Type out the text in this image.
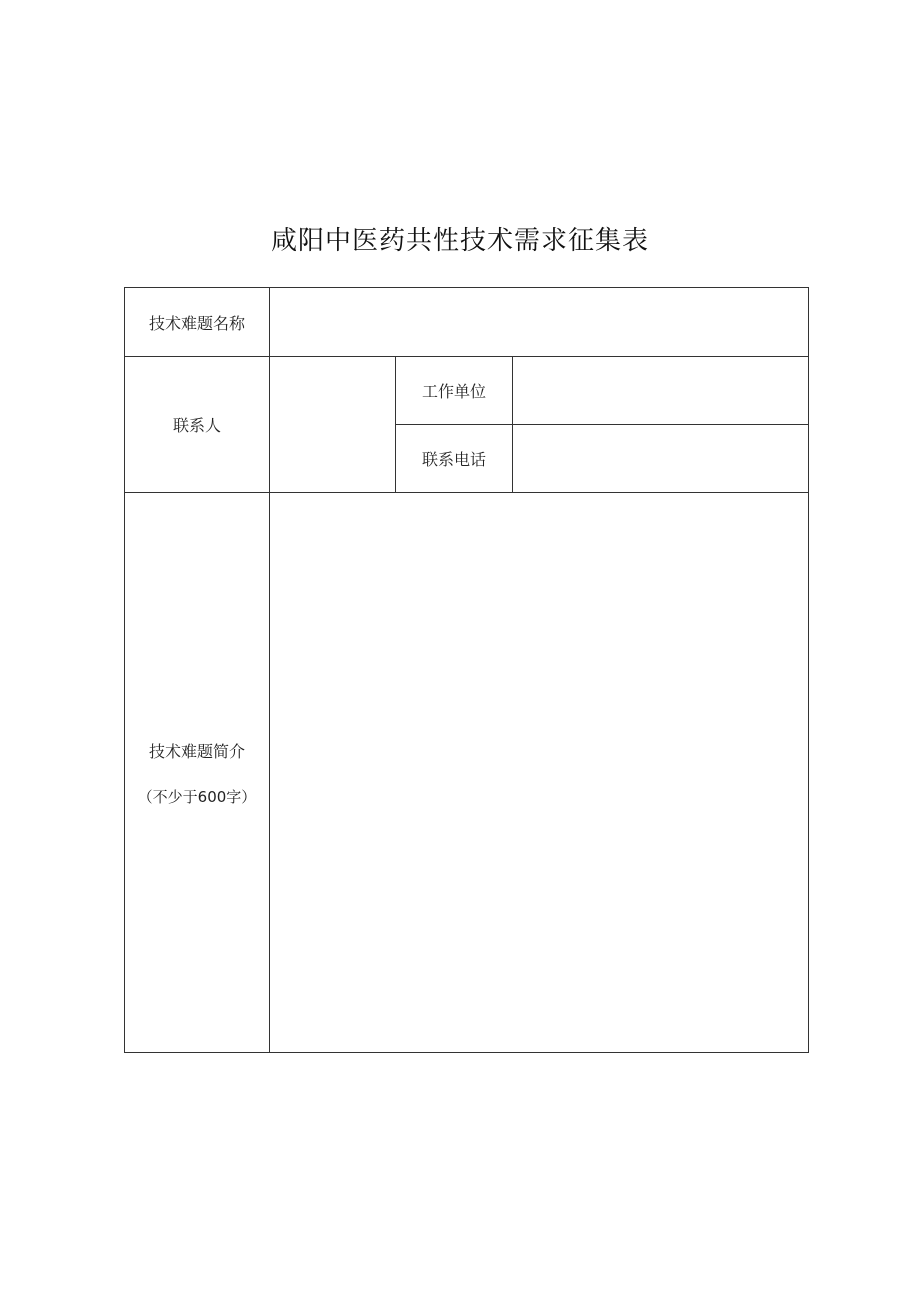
咸阳中医药共性技术需求征集表
技术难题名称			
联系人		工作单位	
		联系电话	

技术难题简介
（不少于600字）			
